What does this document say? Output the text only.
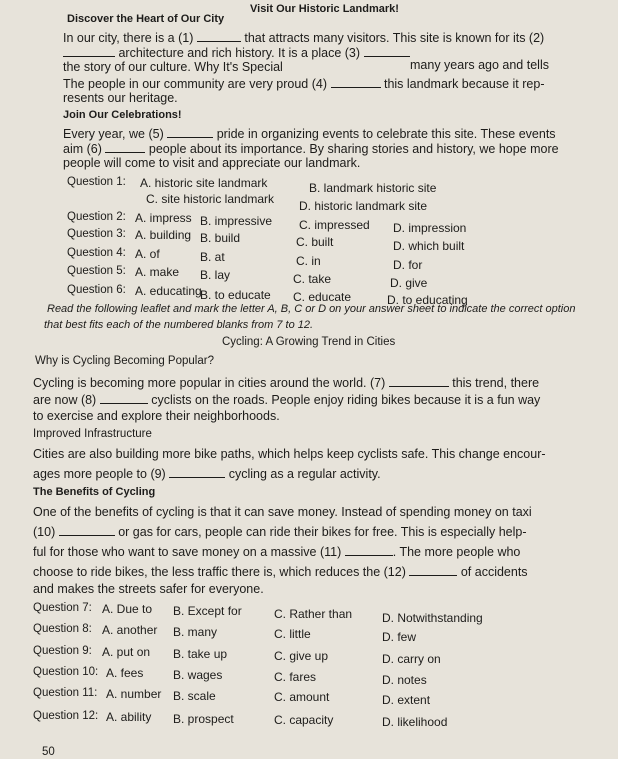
Visit Our Historic Landmark!
Discover the Heart of Our City
In our city, there is a (1)	that attracts many visitors. This site is known for its (2)
architecture and rich history. It is a place (3)
many years ago and tells
the story of our culture. Why It's Special
The people in our community are very proud (4)	this landmark because it rep-
resents our heritage.
Join Our Celebrations!
Every year, we (5)	pride in organizing events to celebrate this site. These events
aim (6)	people about its importance. By sharing stories and history, we hope more
people will come to visit and appreciate our landmark.
Question 1: A. historic site landmark	B. landmark historic site
C. site historic landmark D. historic landmark site
Question 2: A. impress B. impressive C. impressed D. impression
Question 3: A. building B. build	C. built	D. which built
Question 4: A. of	B. at	C. in	D. for
Question 5: A. make B. lay	C. take	D. give
Question 6: A. educating
B. to educate C. educate	D. to educating
Read the following leaflet and mark the letter A, B, C or D on your answer sheet to indicate the correct option
that best fits each of the numbered blanks from 7 to 12.
Cycling: A Growing Trend in Cities
Why is Cycling Becoming Popular?
Cycling is becoming more popular in cities around the world. (7)	this trend, there
are now (8)	cyclists on the roads. People enjoy riding bikes because it is a fun way
to exercise and explore their neighborhoods.
Improved Infrastructure
Cities are also building more bike paths, which helps keep cyclists safe. This change encour-
ages more people to (9)	cycling as a regular activity.
The Benefits of Cycling
One of the benefits of cycling is that it can save money. Instead of spending money on taxi
(10)	or gas for cars, people can ride their bikes for free. This is especially help-
ful for those who want to save money on a massive (11)	. The more people who
choose to ride bikes, the less traffic there is, which reduces the (12)	of accidents
and makes the streets safer for everyone.
Question 7: A. Due to B. Except for	C. Rather than D. Notwithstanding
Question 8: A. another B. many	C. little	D. few
Question 9: A. put on B. take up	C. give up	D. carry on
Question 10: A. fees B. wages	C. fares	D. notes
Question 11: A. number B. scale	C. amount	D. extent
Question 12: A. ability B. prospect	C. capacity	D. likelihood
50
